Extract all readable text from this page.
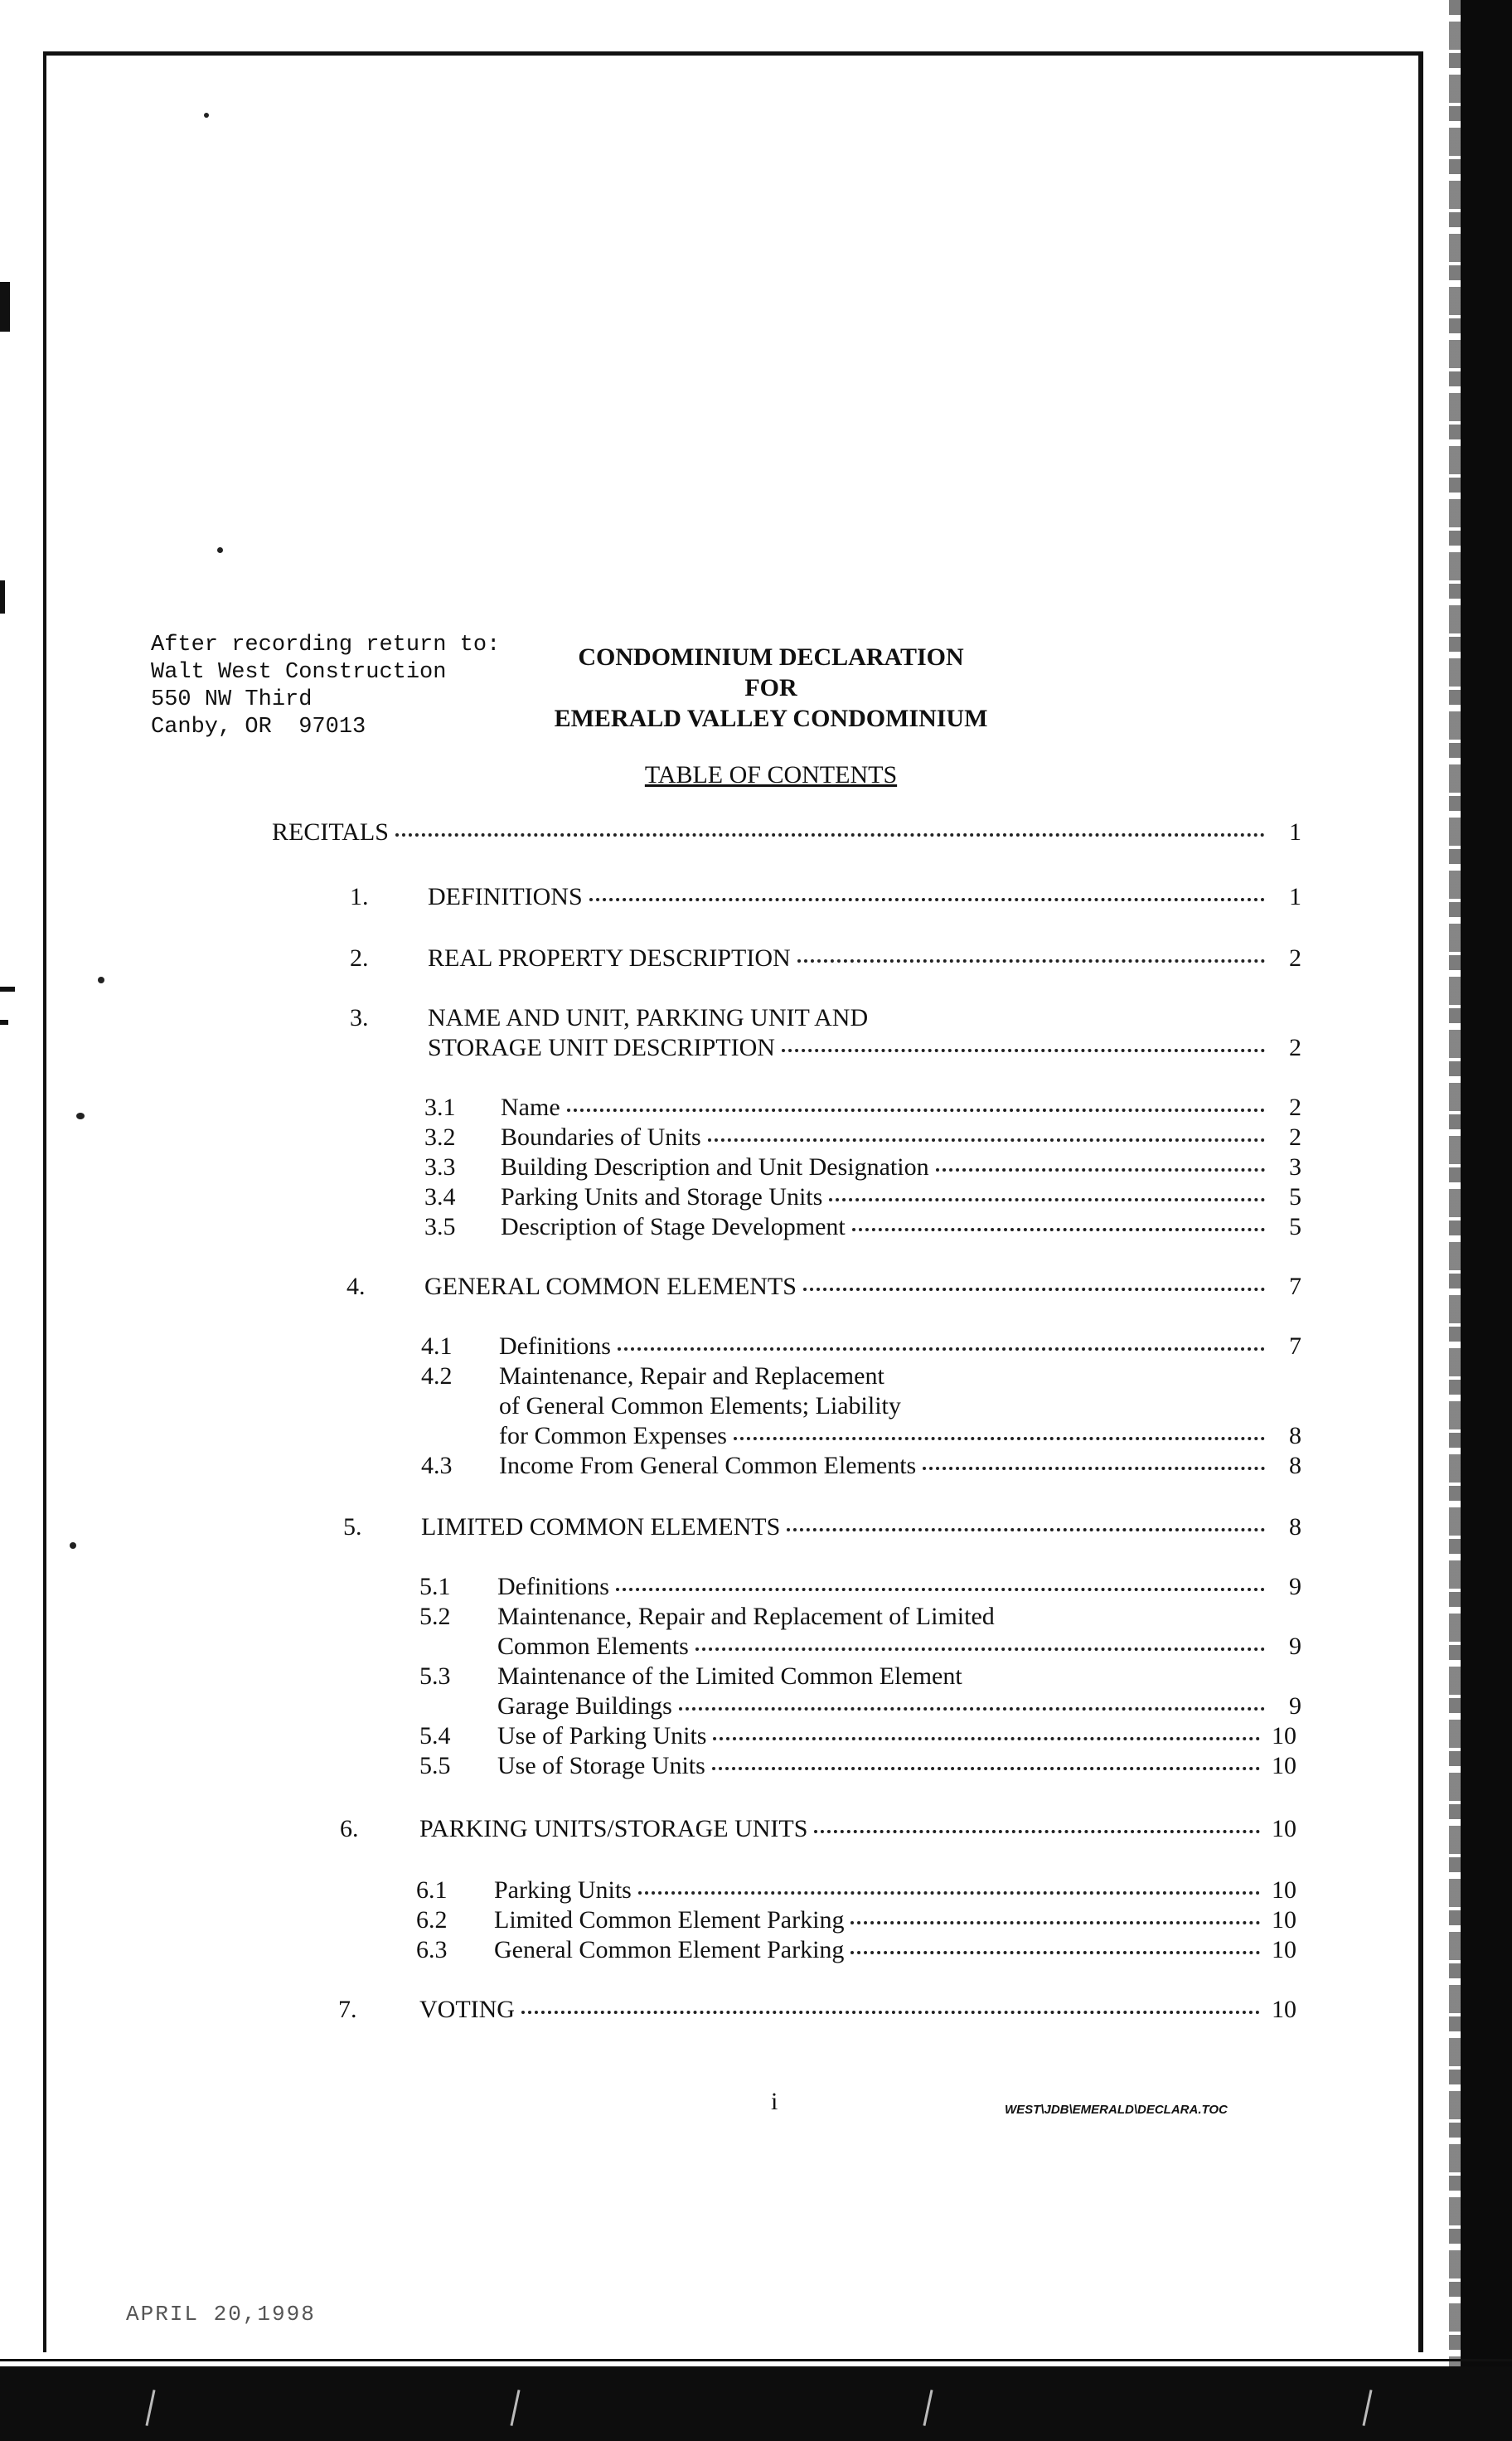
After recording return to:
Walt West Construction
550 NW Third
Canby, OR  97013
CONDOMINIUM DECLARATION
FOR
EMERALD VALLEY CONDOMINIUM
TABLE OF CONTENTS
RECITALS	1
1.	DEFINITIONS	1
2.	REAL PROPERTY DESCRIPTION	2
3.	NAME AND UNIT, PARKING UNIT AND
STORAGE UNIT DESCRIPTION	2
3.1	Name	2
3.2	Boundaries of Units	2
3.3	Building Description and Unit Designation	3
3.4	Parking Units and Storage Units	5
3.5	Description of Stage Development	5
4.	GENERAL COMMON ELEMENTS	7
4.1	Definitions	7
4.2	Maintenance, Repair and Replacement
of General Common Elements; Liability
for Common Expenses	8
4.3	Income From General Common Elements	8
5.	LIMITED COMMON ELEMENTS	8
5.1	Definitions	9
5.2	Maintenance, Repair and Replacement of Limited
Common Elements	9
5.3	Maintenance of the Limited Common Element
Garage Buildings	9
5.4	Use of Parking Units	10
5.5	Use of Storage Units	10
6.	PARKING UNITS/STORAGE UNITS	10
6.1	Parking Units	10
6.2	Limited Common Element Parking	10
6.3	General Common Element Parking	10
7.	VOTING	10
i	WEST\JDB\EMERALD\DECLARA.TOC
APRIL 20,1998
